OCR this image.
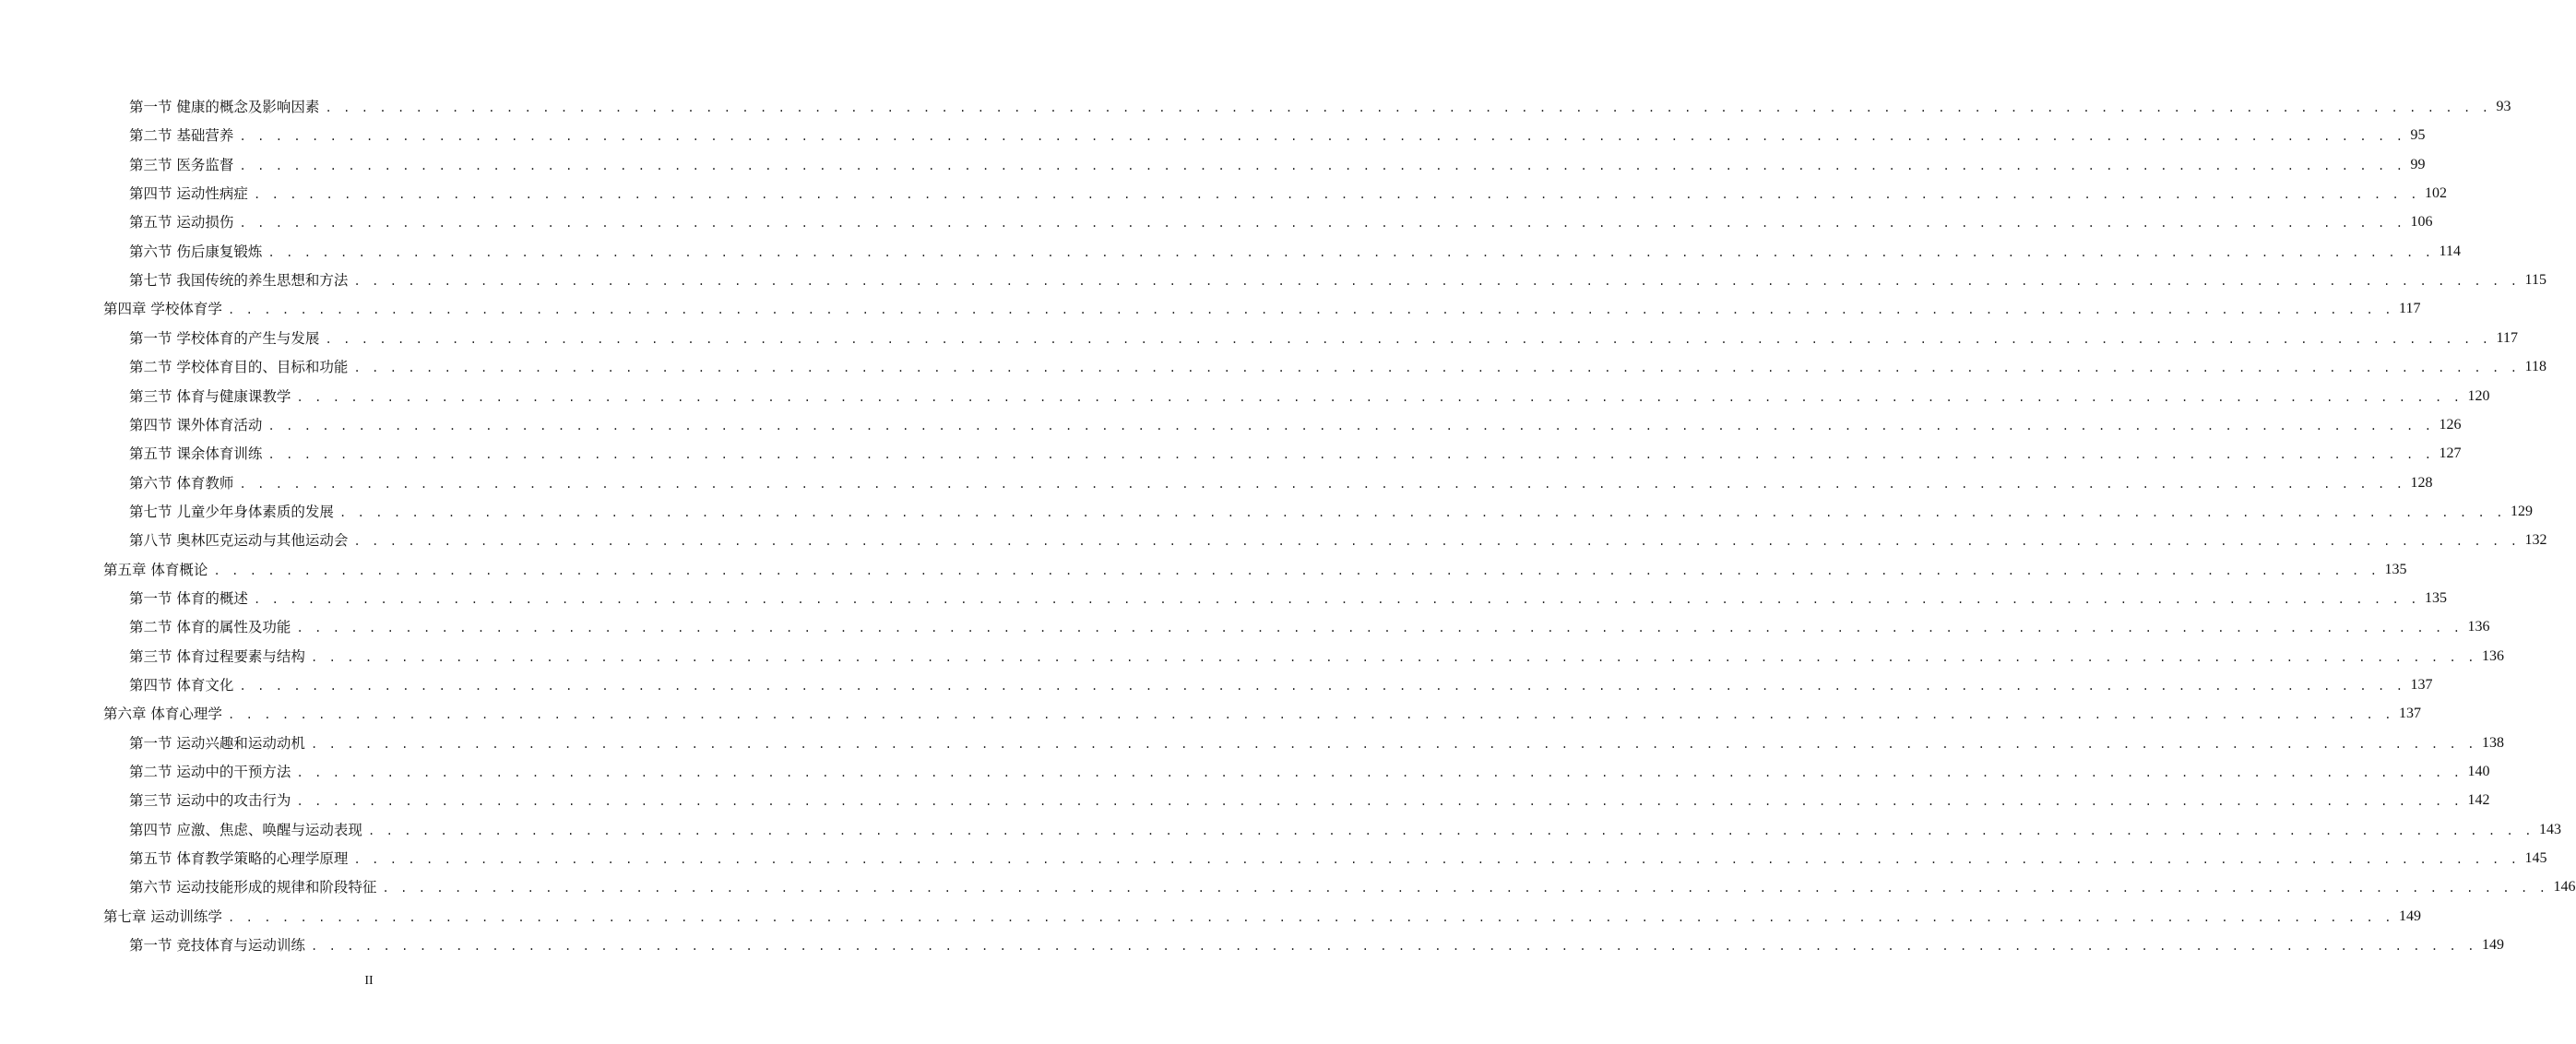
第一节 健康的概念及影响因素 . . . . . . . . . . . . . . . . . . . . . . . . . . . . . . . . . . . . . . . . . . . . . . . . . . . . . . . . . . . . . . . . . . . . . . . . . . . . . . . . . . . . . . . . . . . . . . . . . . . . . . . . . . . . . . . . . . . . . . . . 93
第二节 基础营养 . . . . . . . . . . . . . . . . . . . . . . . . . . . . . . . . . . . . . . . . . . . . . . . . . . . . . . . . . . . . . . . . . . . . . . . . . . . . . . . . . . . . . . . . . . . . . . . . . . . . . . . . . . . . . . . . . . . . . . . . 95
第三节 医务监督 . . . . . . . . . . . . . . . . . . . . . . . . . . . . . . . . . . . . . . . . . . . . . . . . . . . . . . . . . . . . . . . . . . . . . . . . . . . . . . . . . . . . . . . . . . . . . . . . . . . . . . . . . . . . . . . . . . . . . . . . 99
第四节 运动性病症 . . . . . . . . . . . . . . . . . . . . . . . . . . . . . . . . . . . . . . . . . . . . . . . . . . . . . . . . . . . . . . . . . . . . . . . . . . . . . . . . . . . . . . . . . . . . . . . . . . . . . . . . . . . . . . . . . . . . . . . . 102
第五节 运动损伤 . . . . . . . . . . . . . . . . . . . . . . . . . . . . . . . . . . . . . . . . . . . . . . . . . . . . . . . . . . . . . . . . . . . . . . . . . . . . . . . . . . . . . . . . . . . . . . . . . . . . . . . . . . . . . . . . . . . . . . . . 106
第六节 伤后康复锻炼 . . . . . . . . . . . . . . . . . . . . . . . . . . . . . . . . . . . . . . . . . . . . . . . . . . . . . . . . . . . . . . . . . . . . . . . . . . . . . . . . . . . . . . . . . . . . . . . . . . . . . . . . . . . . . . . . . . . . . . . . 114
第七节 我国传统的养生思想和方法 . . . . . . . . . . . . . . . . . . . . . . . . . . . . . . . . . . . . . . . . . . . . . . . . . . . . . . . . . . . . . . . . . . . . . . . . . . . . . . . . . . . . . . . . . . . . . . . . . . . . . . . . . . . . . . . . . . . . . . . . 115
第四章 学校体育学 . . . . . . . . . . . . . . . . . . . . . . . . . . . . . . . . . . . . . . . . . . . . . . . . . . . . . . . . . . . . . . . . . . . . . . . . . . . . . . . . . . . . . . . . . . . . . . . . . . . . . . . . . . . . . . . . . . . . . . . . 117
第一节 学校体育的产生与发展 . . . . . . . . . . . . . . . . . . . . . . . . . . . . . . . . . . . . . . . . . . . . . . . . . . . . . . . . . . . . . . . . . . . . . . . . . . . . . . . . . . . . . . . . . . . . . . . . . . . . . . . . . . . . . . . . . . . . . . . . 117
第二节 学校体育目的、目标和功能 . . . . . . . . . . . . . . . . . . . . . . . . . . . . . . . . . . . . . . . . . . . . . . . . . . . . . . . . . . . . . . . . . . . . . . . . . . . . . . . . . . . . . . . . . . . . . . . . . . . . . . . . . . . . . . . . . . . . . . . . 118
第三节 体育与健康课教学 . . . . . . . . . . . . . . . . . . . . . . . . . . . . . . . . . . . . . . . . . . . . . . . . . . . . . . . . . . . . . . . . . . . . . . . . . . . . . . . . . . . . . . . . . . . . . . . . . . . . . . . . . . . . . . . . . . . . . . . . 120
第四节 课外体育活动 . . . . . . . . . . . . . . . . . . . . . . . . . . . . . . . . . . . . . . . . . . . . . . . . . . . . . . . . . . . . . . . . . . . . . . . . . . . . . . . . . . . . . . . . . . . . . . . . . . . . . . . . . . . . . . . . . . . . . . . . 126
第五节 课余体育训练 . . . . . . . . . . . . . . . . . . . . . . . . . . . . . . . . . . . . . . . . . . . . . . . . . . . . . . . . . . . . . . . . . . . . . . . . . . . . . . . . . . . . . . . . . . . . . . . . . . . . . . . . . . . . . . . . . . . . . . . . 127
第六节 体育教师 . . . . . . . . . . . . . . . . . . . . . . . . . . . . . . . . . . . . . . . . . . . . . . . . . . . . . . . . . . . . . . . . . . . . . . . . . . . . . . . . . . . . . . . . . . . . . . . . . . . . . . . . . . . . . . . . . . . . . . . . 128
第七节 儿童少年身体素质的发展 . . . . . . . . . . . . . . . . . . . . . . . . . . . . . . . . . . . . . . . . . . . . . . . . . . . . . . . . . . . . . . . . . . . . . . . . . . . . . . . . . . . . . . . . . . . . . . . . . . . . . . . . . . . . . . . . . . . . . . . . 129
第八节 奥林匹克运动与其他运动会 . . . . . . . . . . . . . . . . . . . . . . . . . . . . . . . . . . . . . . . . . . . . . . . . . . . . . . . . . . . . . . . . . . . . . . . . . . . . . . . . . . . . . . . . . . . . . . . . . . . . . . . . . . . . . . . . . . . . . . . . 132
第五章 体育概论 . . . . . . . . . . . . . . . . . . . . . . . . . . . . . . . . . . . . . . . . . . . . . . . . . . . . . . . . . . . . . . . . . . . . . . . . . . . . . . . . . . . . . . . . . . . . . . . . . . . . . . . . . . . . . . . . . . . . . . . . 135
第一节 体育的概述 . . . . . . . . . . . . . . . . . . . . . . . . . . . . . . . . . . . . . . . . . . . . . . . . . . . . . . . . . . . . . . . . . . . . . . . . . . . . . . . . . . . . . . . . . . . . . . . . . . . . . . . . . . . . . . . . . . . . . . . . 135
第二节 体育的属性及功能 . . . . . . . . . . . . . . . . . . . . . . . . . . . . . . . . . . . . . . . . . . . . . . . . . . . . . . . . . . . . . . . . . . . . . . . . . . . . . . . . . . . . . . . . . . . . . . . . . . . . . . . . . . . . . . . . . . . . . . . . 136
第三节 体育过程要素与结构 . . . . . . . . . . . . . . . . . . . . . . . . . . . . . . . . . . . . . . . . . . . . . . . . . . . . . . . . . . . . . . . . . . . . . . . . . . . . . . . . . . . . . . . . . . . . . . . . . . . . . . . . . . . . . . . . . . . . . . . . 136
第四节 体育文化 . . . . . . . . . . . . . . . . . . . . . . . . . . . . . . . . . . . . . . . . . . . . . . . . . . . . . . . . . . . . . . . . . . . . . . . . . . . . . . . . . . . . . . . . . . . . . . . . . . . . . . . . . . . . . . . . . . . . . . . . 137
第六章 体育心理学 . . . . . . . . . . . . . . . . . . . . . . . . . . . . . . . . . . . . . . . . . . . . . . . . . . . . . . . . . . . . . . . . . . . . . . . . . . . . . . . . . . . . . . . . . . . . . . . . . . . . . . . . . . . . . . . . . . . . . . . . 137
第一节 运动兴趣和运动动机 . . . . . . . . . . . . . . . . . . . . . . . . . . . . . . . . . . . . . . . . . . . . . . . . . . . . . . . . . . . . . . . . . . . . . . . . . . . . . . . . . . . . . . . . . . . . . . . . . . . . . . . . . . . . . . . . . . . . . . . . 138
第二节 运动中的干预方法 . . . . . . . . . . . . . . . . . . . . . . . . . . . . . . . . . . . . . . . . . . . . . . . . . . . . . . . . . . . . . . . . . . . . . . . . . . . . . . . . . . . . . . . . . . . . . . . . . . . . . . . . . . . . . . . . . . . . . . . . 140
第三节 运动中的攻击行为 . . . . . . . . . . . . . . . . . . . . . . . . . . . . . . . . . . . . . . . . . . . . . . . . . . . . . . . . . . . . . . . . . . . . . . . . . . . . . . . . . . . . . . . . . . . . . . . . . . . . . . . . . . . . . . . . . . . . . . . . 142
第四节 应激、焦虑、唤醒与运动表现 . . . . . . . . . . . . . . . . . . . . . . . . . . . . . . . . . . . . . . . . . . . . . . . . . . . . . . . . . . . . . . . . . . . . . . . . . . . . . . . . . . . . . . . . . . . . . . . . . . . . . . . . . . . . . . . . . . . . . . . . 143
第五节 体育教学策略的心理学原理 . . . . . . . . . . . . . . . . . . . . . . . . . . . . . . . . . . . . . . . . . . . . . . . . . . . . . . . . . . . . . . . . . . . . . . . . . . . . . . . . . . . . . . . . . . . . . . . . . . . . . . . . . . . . . . . . . . . . . . . . 145
第六节 运动技能形成的规律和阶段特征 . . . . . . . . . . . . . . . . . . . . . . . . . . . . . . . . . . . . . . . . . . . . . . . . . . . . . . . . . . . . . . . . . . . . . . . . . . . . . . . . . . . . . . . . . . . . . . . . . . . . . . . . . . . . . . . . . . . . . . . . 146
第七章 运动训练学 . . . . . . . . . . . . . . . . . . . . . . . . . . . . . . . . . . . . . . . . . . . . . . . . . . . . . . . . . . . . . . . . . . . . . . . . . . . . . . . . . . . . . . . . . . . . . . . . . . . . . . . . . . . . . . . . . . . . . . . . 149
第一节 竞技体育与运动训练 . . . . . . . . . . . . . . . . . . . . . . . . . . . . . . . . . . . . . . . . . . . . . . . . . . . . . . . . . . . . . . . . . . . . . . . . . . . . . . . . . . . . . . . . . . . . . . . . . . . . . . . . . . . . . . . . . . . . . . . . 149
II
